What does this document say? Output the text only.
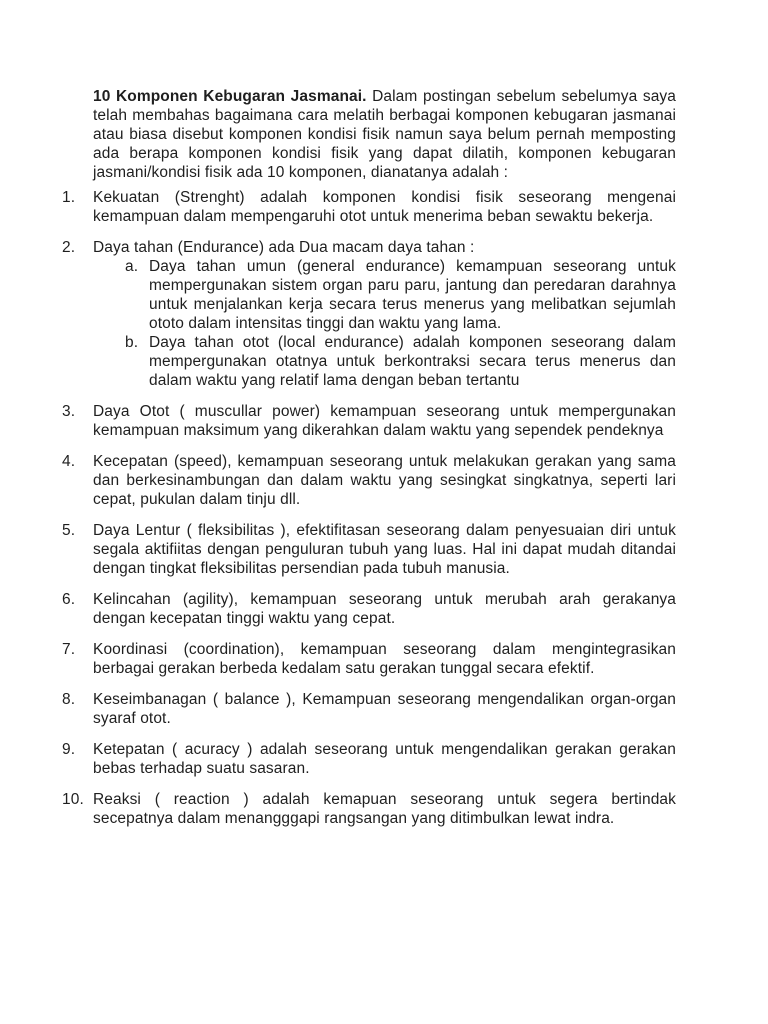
10 Komponen Kebugaran Jasmanai. Dalam postingan sebelum sebelumya saya telah membahas bagaimana cara melatih berbagai komponen kebugaran jasmanai atau biasa disebut komponen kondisi fisik namun saya belum pernah memposting ada berapa komponen kondisi fisik yang dapat dilatih, komponen kebugaran jasmani/kondisi fisik ada 10 komponen, dianatanya adalah :

1. Kekuatan (Strenght) adalah komponen kondisi fisik seseorang mengenai kemampuan dalam mempengaruhi otot untuk menerima beban sewaktu bekerja.
2. Daya tahan (Endurance) ada Dua macam daya tahan :
a. Daya tahan umun (general endurance) kemampuan seseorang untuk mempergunakan sistem organ paru paru, jantung dan peredaran darahnya untuk menjalankan kerja secara terus menerus yang melibatkan sejumlah ototo dalam intensitas tinggi dan waktu yang lama.
b. Daya tahan otot (local endurance) adalah komponen seseorang dalam mempergunakan otatnya untuk berkontraksi secara terus menerus dan dalam waktu yang relatif lama dengan beban tertantu
3. Daya Otot ( muscullar power) kemampuan seseorang untuk mempergunakan kemampuan maksimum yang dikerahkan dalam waktu yang sependek pendeknya
4. Kecepatan (speed), kemampuan seseorang untuk melakukan gerakan yang sama dan berkesinambungan dan dalam waktu yang sesingkat singkatnya, seperti lari cepat, pukulan dalam tinju dll.
5. Daya Lentur ( fleksibilitas ), efektifitasan seseorang dalam penyesuaian diri untuk segala aktifiitas dengan penguluran tubuh yang luas. Hal ini dapat mudah ditandai dengan tingkat fleksibilitas persendian pada tubuh manusia.
6. Kelincahan (agility), kemampuan seseorang untuk merubah arah gerakanya dengan kecepatan tinggi waktu yang cepat.
7. Koordinasi (coordination), kemampuan seseorang dalam mengintegrasikan berbagai gerakan berbeda kedalam satu gerakan tunggal secara efektif.
8. Keseimbanagan ( balance ), Kemampuan seseorang mengendalikan organ-organ syaraf otot.
9. Ketepatan ( acuracy ) adalah seseorang untuk mengendalikan gerakan gerakan bebas terhadap suatu sasaran.
10. Reaksi ( reaction ) adalah kemapuan seseorang untuk segera bertindak secepatnya dalam menangggapi rangsangan yang ditimbulkan lewat indra.
